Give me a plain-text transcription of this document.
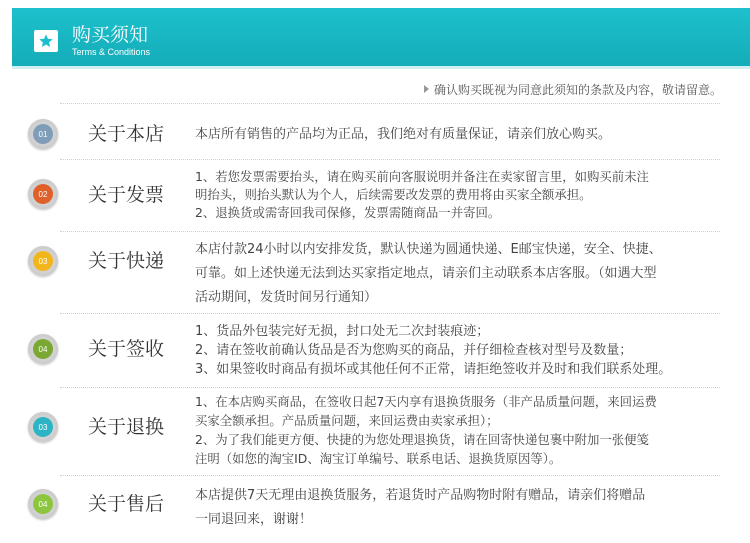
购买须知
Terms & Conditions
确认购买既视为同意此须知的条款及内容，敬请留意。
01 关于本店 本店所有销售的产品均为正品，我们绝对有质量保证，请亲们放心购买。
02 关于发票
1、若您发票需要抬头，请在购买前向客服说明并备注在卖家留言里，如购买前未注
明抬头，则抬头默认为个人，后续需要改发票的费用将由买家全额承担。
2、退换货或需寄回我司保修，发票需随商品一并寄回。
03 关于快递
本店付款24小时以内安排发货，默认快递为圆通快递、E邮宝快递，安全、快捷、
可靠。如上述快递无法到达买家指定地点，请亲们主动联系本店客服。（如遇大型
活动期间，发货时间另行通知）
04 关于签收
1、货品外包装完好无损，封口处无二次封装痕迹；
2、请在签收前确认货品是否为您购买的商品，并仔细检查核对型号及数量；
3、如果签收时商品有损坏或其他任何不正常，请拒绝签收并及时和我们联系处理。
03 关于退换
1、在本店购买商品，在签收日起7天内享有退换货服务（非产品质量问题，来回运费
买家全额承担。产品质量问题，来回运费由卖家承担）；
2、为了我们能更方便、快捷的为您处理退换货，请在回寄快递包裹中附加一张便笺
注明（如您的淘宝ID、淘宝订单编号、联系电话、退换货原因等）。
04 关于售后 本店提供7天无理由退换货服务，若退货时产品购物时附有赠品，请亲们将赠品
一同退回来，谢谢！
